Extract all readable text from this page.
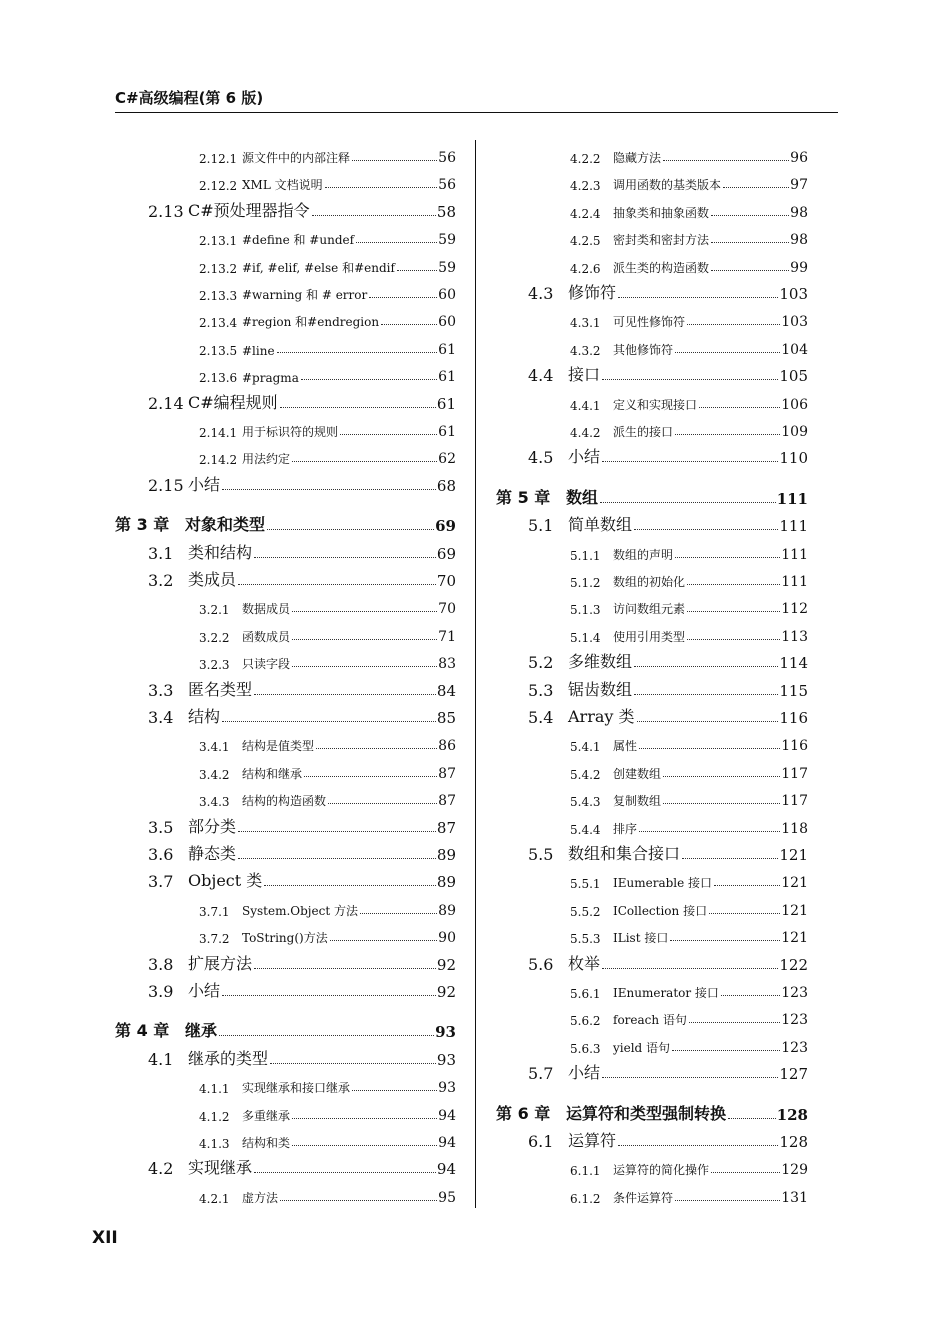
C#高级编程(第 6 版)
2.12.1 源文件中的内部注释	56
2.12.2 XML 文档说明	56
2.13 C#预处理器指令	58
2.13.1 #define 和 #undef	59
2.13.2 #if, #elif, #else 和#endif	59
2.13.3 #warning 和 # error	60
2.13.4 #region 和#endregion	60
2.13.5 #line	61
2.13.6 #pragma	61
2.14 C#编程规则	61
2.14.1 用于标识符的规则	61
2.14.2 用法约定	62
2.15 小结	68
第 3 章 对象和类型	69
3.1 类和结构	69
3.2 类成员	70
3.2.1	数据成员	70
3.2.2	函数成员	71
3.2.3	只读字段	83
3.3 匿名类型	84
3.4 结构	85
3.4.1	结构是值类型	86
3.4.2	结构和继承	87
3.4.3	结构的构造函数	87
3.5 部分类	87
3.6 静态类	89
3.7 Object 类	89
3.7.1	System.Object 方法	89
3.7.2	ToString()方法	90
3.8 扩展方法	92
3.9 小结	92
第 4 章 继承	93
4.1 继承的类型	93
4.1.1	实现继承和接口继承	93
4.1.2	多重继承	94
4.1.3	结构和类	94
4.2 实现继承	94
4.2.1	虚方法	95
4.2.2	隐藏方法	96
4.2.3	调用函数的基类版本	97
4.2.4	抽象类和抽象函数	98
4.2.5	密封类和密封方法	98
4.2.6	派生类的构造函数	99
4.3 修饰符	103
4.3.1	可见性修饰符	103
4.3.2	其他修饰符	104
4.4 接口	105
4.4.1	定义和实现接口	106
4.4.2	派生的接口	109
4.5 小结	110
第 5 章 数组	111
5.1 简单数组	111
5.1.1	数组的声明	111
5.1.2	数组的初始化	111
5.1.3	访问数组元素	112
5.1.4	使用引用类型	113
5.2 多维数组	114
5.3 锯齿数组	115
5.4 Array 类	116
5.4.1	属性	116
5.4.2	创建数组	117
5.4.3	复制数组	117
5.4.4	排序	118
5.5 数组和集合接口	121
5.5.1	IEumerable 接口	121
5.5.2	ICollection 接口	121
5.5.3	IList 接口	121
5.6 枚举	122
5.6.1	IEnumerator 接口	123
5.6.2	foreach 语句	123
5.6.3	yield 语句	123
5.7 小结	127
第 6 章 运算符和类型强制转换	128
6.1 运算符	128
6.1.1	运算符的简化操作	129
6.1.2	条件运算符	131
XII
